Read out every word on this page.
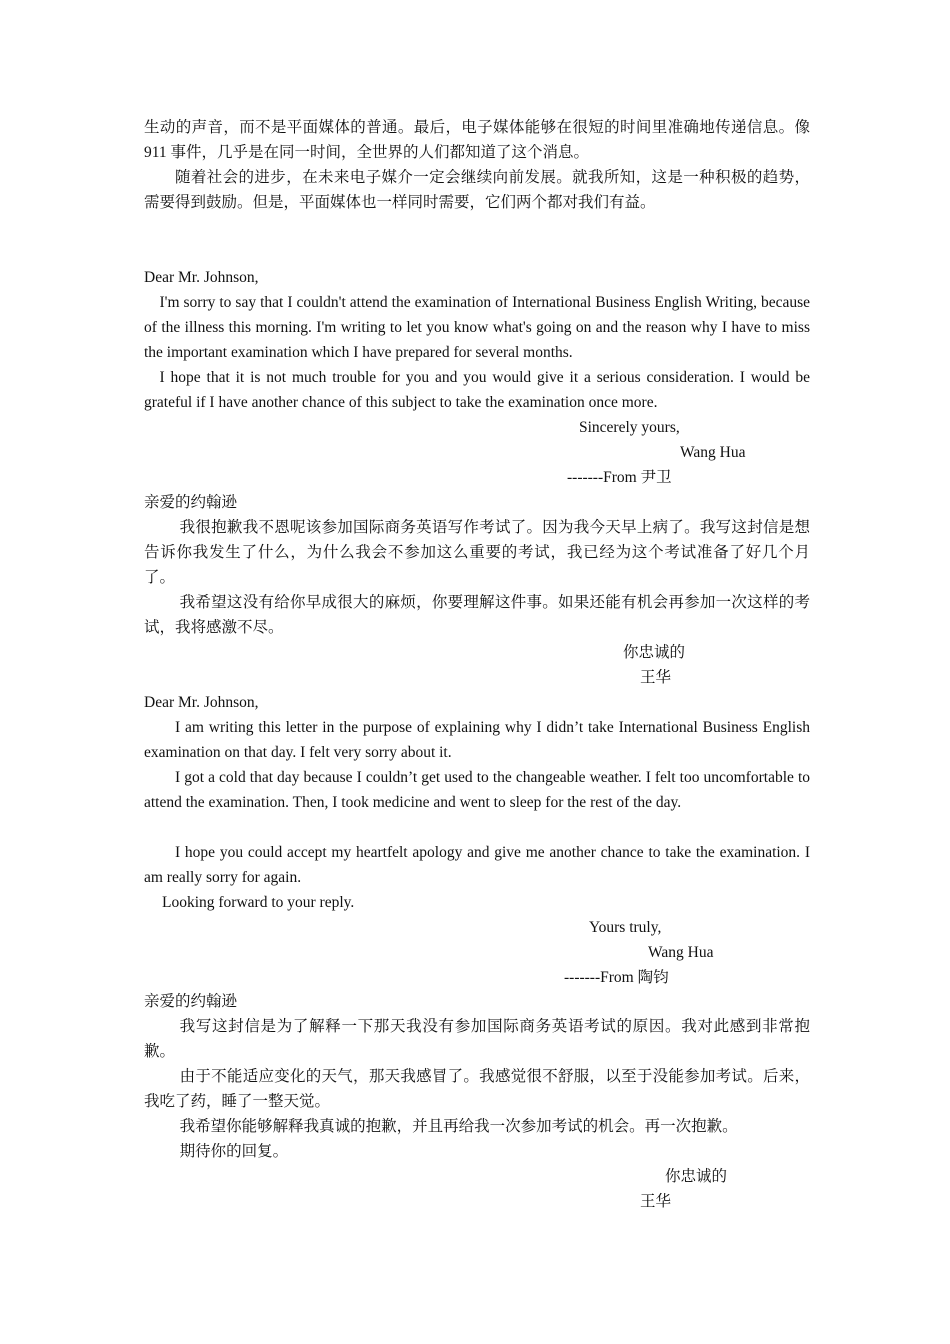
生动的声音，而不是平面媒体的普通。最后，电子媒体能够在很短的时间里准确地传递信息。像 911 事件，几乎是在同一时间，全世界的人们都知道了这个消息。

随着社会的进步，在未来电子媒介一定会继续向前发展。就我所知，这是一种积极的趋势，需要得到鼓励。但是，平面媒体也一样同时需要，它们两个都对我们有益。

Dear Mr. Johnson,

I'm sorry to say that I couldn't attend the examination of International Business English Writing, because of the illness this morning. I'm writing to let you know what's going on and the reason why I have to miss the important examination which I have prepared for several months.

I hope that it is not much trouble for you and you would give it a serious consideration. I would be grateful if I have another chance of this subject to take the examination once more.

Sincerely yours,

Wang Hua

-------From 尹卫

亲爱的约翰逊

我很抱歉我不恩呢该参加国际商务英语写作考试了。因为我今天早上病了。我写这封信是想告诉你我发生了什么，为什么我会不参加这么重要的考试，我已经为这个考试准备了好几个月了。

我希望这没有给你早成很大的麻烦，你要理解这件事。如果还能有机会再参加一次这样的考试，我将感激不尽。

你忠诚的

王华

Dear Mr. Johnson,

I am writing this letter in the purpose of explaining why I didn’t take International Business English examination on that day. I felt very sorry about it.

I got a cold that day because I couldn’t get used to the changeable weather. I felt too uncomfortable to attend the examination. Then, I took medicine and went to sleep for the rest of the day.

I hope you could accept my heartfelt apology and give me another chance to take the examination. I am really sorry for again.

Looking forward to your reply.

Yours truly,

Wang Hua

-------From 陶钧

亲爱的约翰逊

我写这封信是为了解释一下那天我没有参加国际商务英语考试的原因。我对此感到非常抱歉。

由于不能适应变化的天气，那天我感冒了。我感觉很不舒服，以至于没能参加考试。后来，我吃了药，睡了一整天觉。

我希望你能够解释我真诚的抱歉，并且再给我一次参加考试的机会。再一次抱歉。

期待你的回复。

你忠诚的

王华
